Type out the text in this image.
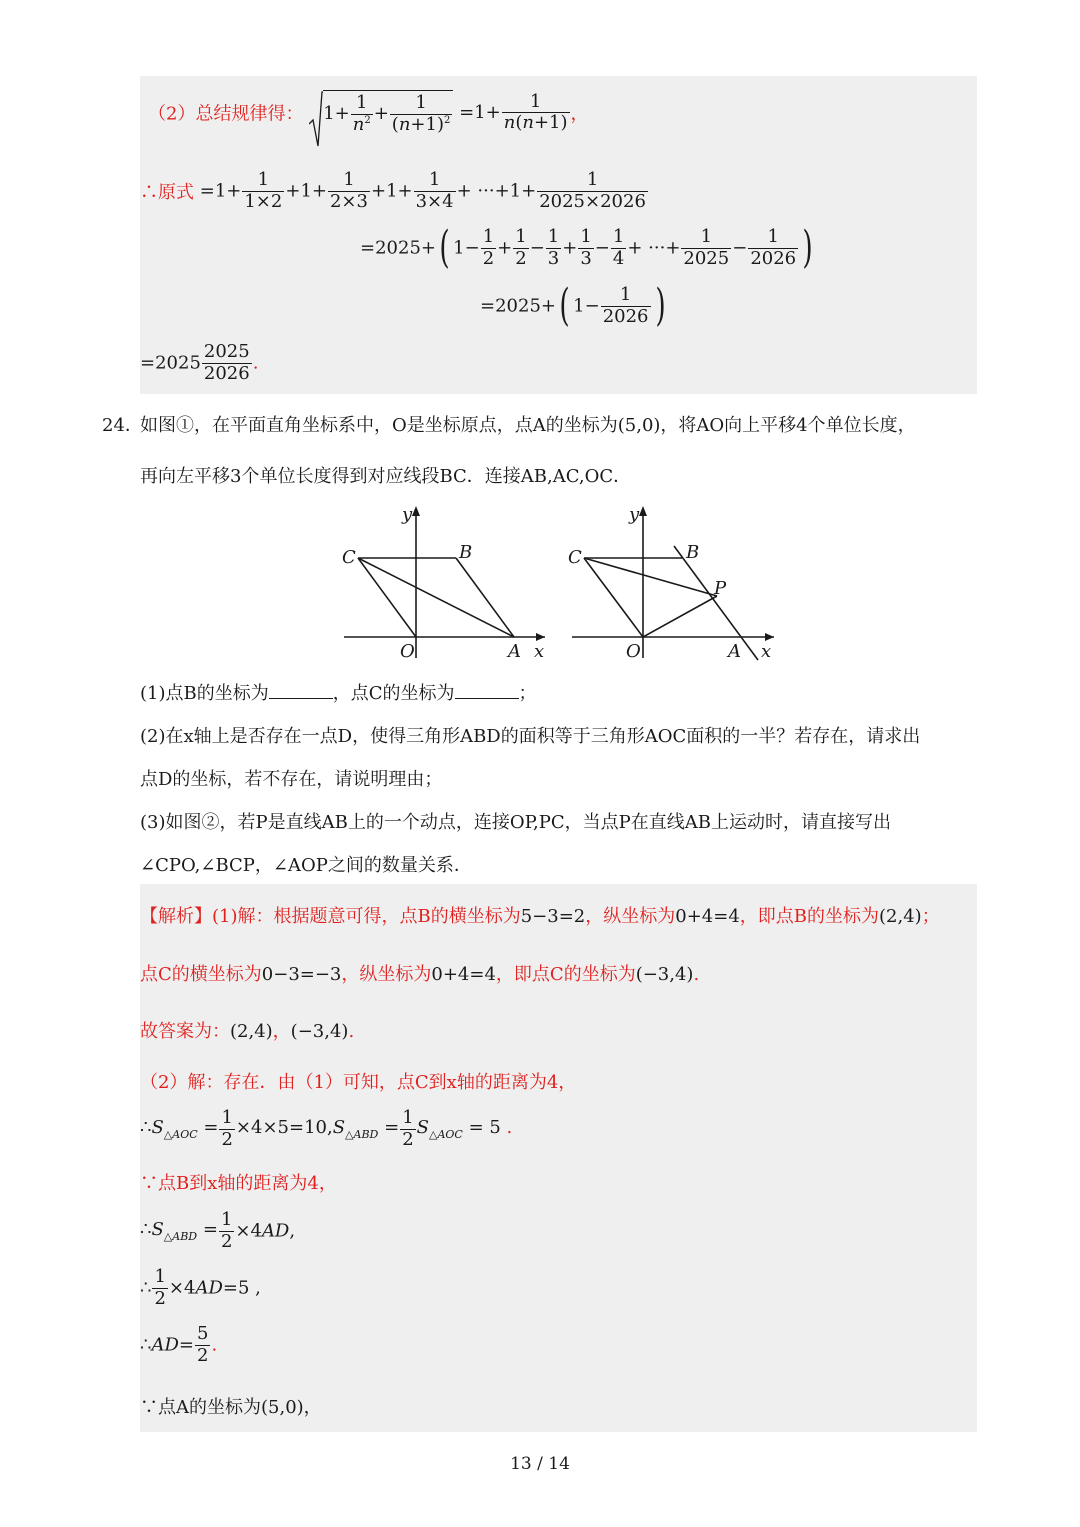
（2）总结规律得：
$1+ \frac{1}{n^2} + \frac{1}{(n+1)^2} =1+ \frac{1}{n(n+1)}$ ，
∴原式 $=1+ \frac{1}{1\times 2} +1+ \frac{1}{2\times 3} +1+ \frac{1}{3\times 4} + \cdot\cdot\cdot+1+ \frac{1}{2025\times 2026}$
=2025+( $1- \frac{1}{2} + \frac{1}{2} - \frac{1}{3} + \frac{1}{3} - \frac{1}{4}$ + ···+ $\frac{1}{2025} - \frac{1}{2026}$ )
=2025+( $1- \frac{1}{2026}$ )
$=2025 \frac{2025}{2026}$ .
24．
如图①，在平面直角坐标系中，O是坐标原点，点A的坐标为(5,0)，将AO向上平移4个单位长度，
再向左平移3个单位长度得到对应线段BC．连接AB,AC,OC．
y
C	B
O	A x
y
C	B
P
O	A x
(1)点B的坐标为	，点C的坐标为	；
(2)在x轴上是否存在一点D，使得三角形ABD的面积等于三角形AOC面积的一半？若存在，请求出
点D的坐标，若不存在，请说明理由；
(3)如图②，若P是直线AB上的一个动点，连接OP,PC，当点P在直线AB上运动时，请直接写出
∠CPO,∠BCP，∠AOP之间的数量关系．
【解析】(1)解：根据题意可得，点B的横坐标为5−3=2，纵坐标为0+4=4，即点B的坐标为(2,4)；
点C的横坐标为0−3=−3，纵坐标为0+4=4，即点C的坐标为(−3,4).
故答案为：(2,4)，(−3,4).
（2）解：存在．由（1）可知，点C到x轴的距离为4，
$\therefore S_{\triangle AOC} = \frac{1}{2} \times 4\times 5=10,S_{\triangle ABD} = \frac{1}{2} S_{\triangle AOC} = 5$ .
∵点B到x轴的距离为4，
$\therefore S_{\triangle ABD} = \frac{1}{2} \times 4AD$,
∴ $\frac{1}{2} \times 4AD=5$ ,
∴AD= $\frac{5}{2}$ .
∵点A的坐标为(5,0)，
13 / 14
